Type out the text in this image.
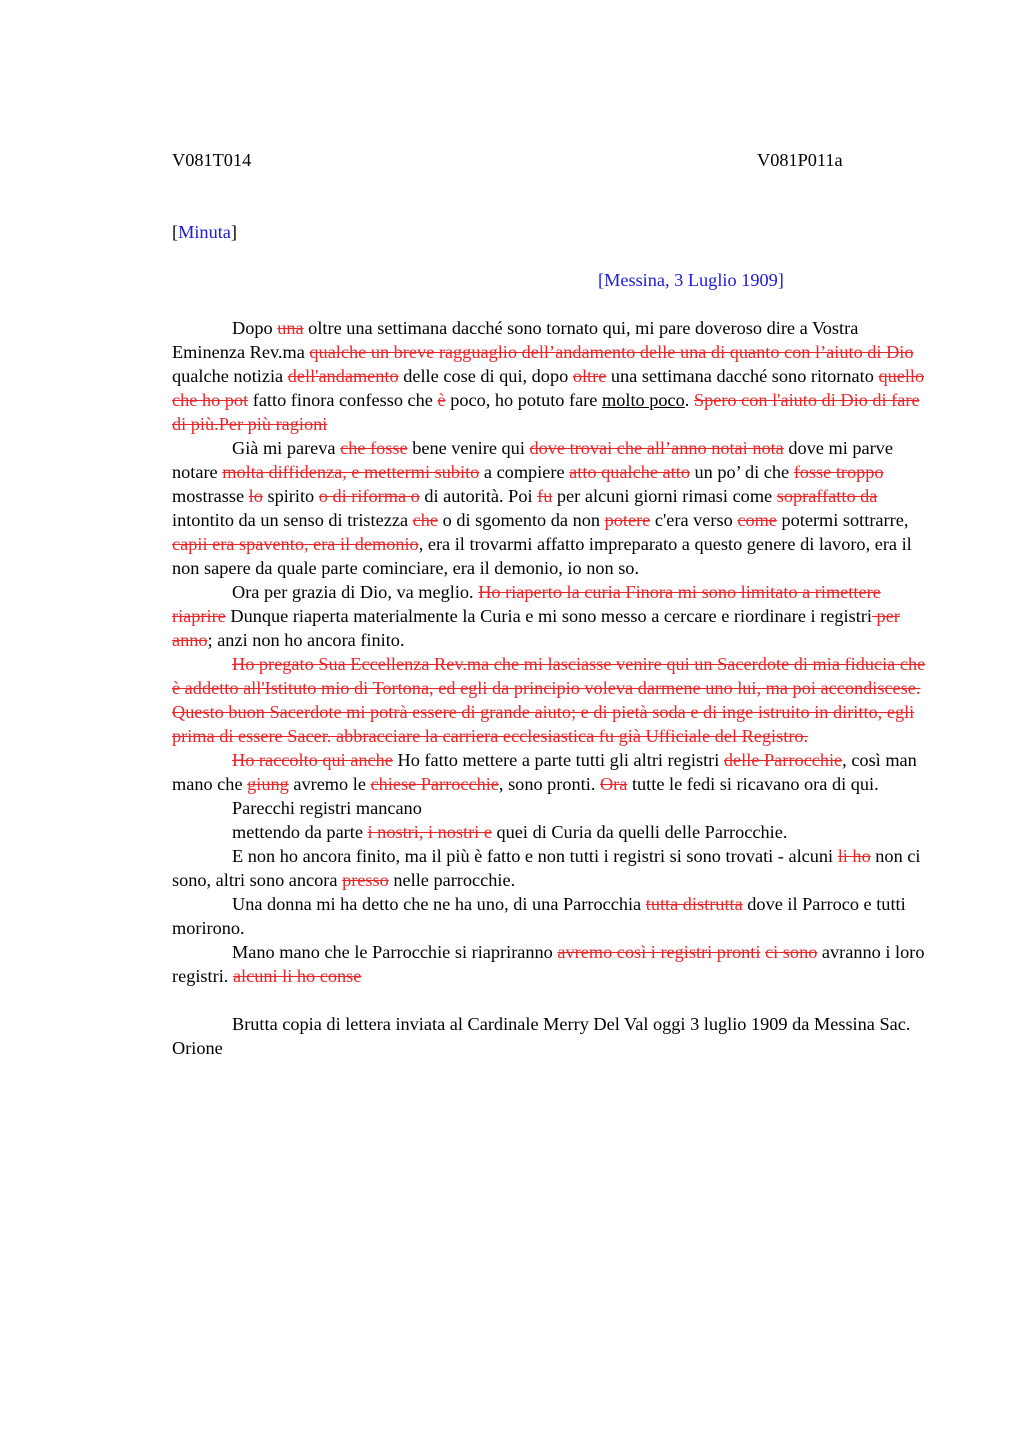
V081T014	V081P011a
[Minuta]
[Messina, 3 Luglio 1909]

Dopo una oltre una settimana dacché sono tornato qui, mi pare doveroso dire a Vostra Eminenza Rev.ma qualche un breve ragguaglio dell’andamento delle una di quanto con l’aiuto di Dio qualche notizia dell'andamento delle cose di qui, dopo oltre una settimana dacché sono ritornato quello che ho pot fatto finora confesso che è poco, ho potuto fare molto poco. Spero con l'aiuto di Dio di fare di più.Per più ragioni

Già mi pareva che fosse bene venire qui dove trovai che all’anno notai nota dove mi parve notare molta diffidenza, e mettermi subito a compiere atto qualche atto un po’ di che fosse troppo mostrasse lo spirito o di riforma o di autorità. Poi fu per alcuni giorni rimasi come sopraffatto da intontito da un senso di tristezza che o di sgomento da non potere c'era verso come potermi sottrarre, capii era spavento, era il demonio, era il trovarmi affatto impreparato a questo genere di lavoro, era il non sapere da quale parte cominciare, era il demonio, io non so.

Ora per grazia di Dio, va meglio. Ho riaperto la curia Finora mi sono limitato a rimettere riaprire Dunque riaperta materialmente la Curia e mi sono messo a cercare e riordinare i registri per anno; anzi non ho ancora finito.

Ho pregato Sua Eccellenza Rev.ma che mi lasciasse venire qui un Sacerdote di mia fiducia che è addetto all'Istituto mio di Tortona, ed egli da principio voleva darmene uno lui, ma poi accondiscese. Questo buon Sacerdote mi potrà essere di grande aiuto; e di pietà soda e di inge istruito in diritto, egli prima di essere Sacer. abbracciare la carriera ecclesiastica fu già Ufficiale del Registro.

Ho raccolto qui anche Ho fatto mettere a parte tutti gli altri registri delle Parrocchie, così man mano che giung avremo le chiese Parrocchie, sono pronti. Ora tutte le fedi si ricavano ora di qui.

Parecchi registri mancano

mettendo da parte i nostri, i nostri e quei di Curia da quelli delle Parrocchie.

E non ho ancora finito, ma il più è fatto e non tutti i registri si sono trovati - alcuni li ho non ci sono, altri sono ancora presso nelle parrocchie.

Una donna mi ha detto che ne ha uno, di una Parrocchia tutta distrutta dove il Parroco e tutti morirono.

Mano mano che le Parrocchie si riapriranno avremo così i registri pronti ci sono avranno i loro registri. alcuni li ho conse

Brutta copia di lettera inviata al Cardinale Merry Del Val oggi 3 luglio 1909 da Messina Sac. Orione
